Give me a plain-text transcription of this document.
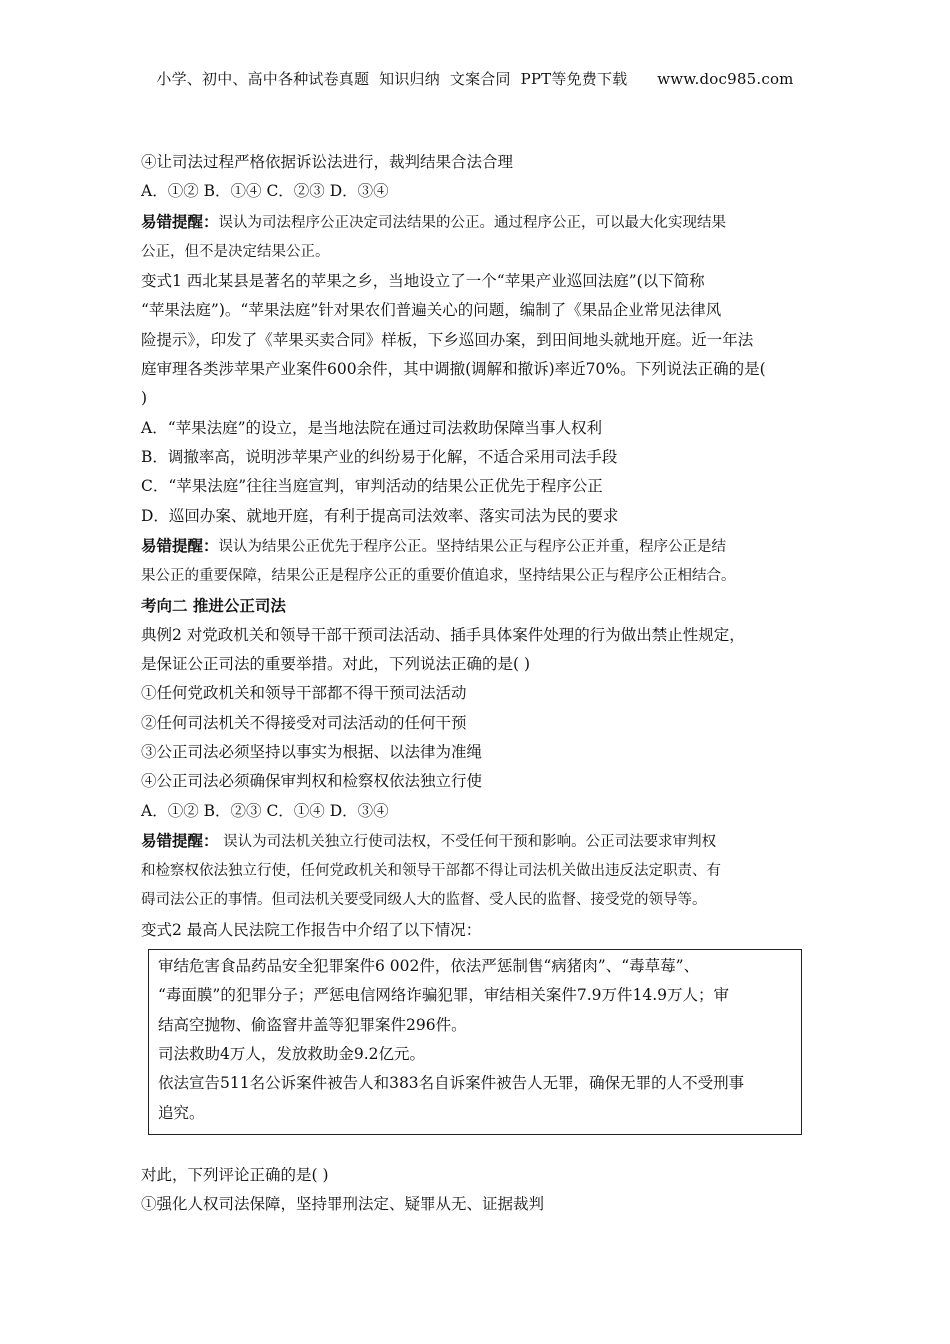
小学、初中、高中各种试卷真题  知识归纳  文案合同  PPT等免费下载      www.doc985.com
④让司法过程严格依据诉讼法进行，裁判结果合法合理
A．①② B．①④ C．②③ D．③④
易错提醒：误认为司法程序公正决定司法结果的公正。通过程序公正，可以最大化实现结果
公正，但不是决定结果公正。
变式1 西北某县是著名的苹果之乡，当地设立了一个“苹果产业巡回法庭”(以下简称
“苹果法庭”)。“苹果法庭”针对果农们普遍关心的问题，编制了《果品企业常见法律风
险提示》，印发了《苹果买卖合同》样板，下乡巡回办案，到田间地头就地开庭。近一年法
庭审理各类涉苹果产业案件600余件，其中调撤(调解和撤诉)率近70%。下列说法正确的是(
)
A．“苹果法庭”的设立，是当地法院在通过司法救助保障当事人权利
B．调撤率高，说明涉苹果产业的纠纷易于化解，不适合采用司法手段
C．“苹果法庭”往往当庭宣判，审判活动的结果公正优先于程序公正
D．巡回办案、就地开庭，有利于提高司法效率、落实司法为民的要求
易错提醒：误认为结果公正优先于程序公正。坚持结果公正与程序公正并重，程序公正是结
果公正的重要保障，结果公正是程序公正的重要价值追求，坚持结果公正与程序公正相结合。
考向二 推进公正司法
典例2 对党政机关和领导干部干预司法活动、插手具体案件处理的行为做出禁止性规定，
是保证公正司法的重要举措。对此，下列说法正确的是( )
①任何党政机关和领导干部都不得干预司法活动
②任何司法机关不得接受对司法活动的任何干预
③公正司法必须坚持以事实为根据、以法律为准绳
④公正司法必须确保审判权和检察权依法独立行使
A．①② B．②③ C．①④ D．③④
易错提醒： 误认为司法机关独立行使司法权，不受任何干预和影响。公正司法要求审判权
和检察权依法独立行使，任何党政机关和领导干部都不得让司法机关做出违反法定职责、有
碍司法公正的事情。但司法机关要受同级人大的监督、受人民的监督、接受党的领导等。
变式2 最高人民法院工作报告中介绍了以下情况：
审结危害食品药品安全犯罪案件6 002件，依法严惩制售“病猪肉”、“毒草莓”、
“毒面膜”的犯罪分子；严惩电信网络诈骗犯罪，审结相关案件7.9万件14.9万人；审
结高空抛物、偷盗窨井盖等犯罪案件296件。
司法救助4万人，发放救助金9.2亿元。
依法宣告511名公诉案件被告人和383名自诉案件被告人无罪，确保无罪的人不受刑事
追究。
对此，下列评论正确的是( )
①强化人权司法保障，坚持罪刑法定、疑罪从无、证据裁判
